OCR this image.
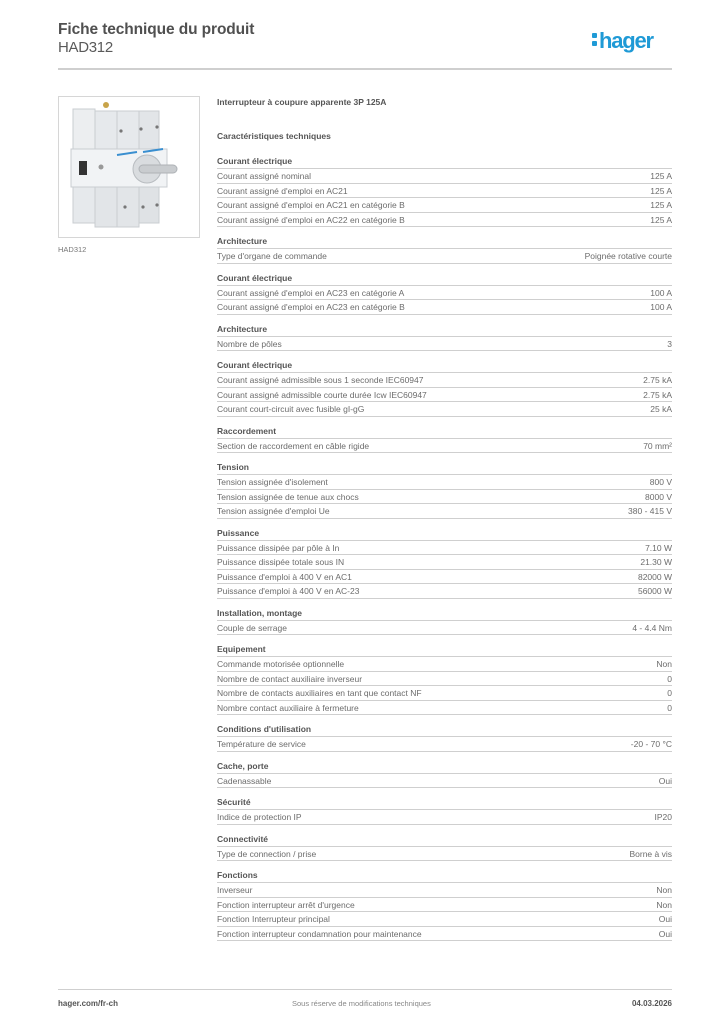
Fiche technique du produit
HAD312	hager
HAD312
Interrupteur à coupure apparente 3P 125A
Caractéristiques techniques
Courant électrique
Courant assigné nominal	125 A
Courant assigné d'emploi en AC21	125 A
Courant assigné d'emploi en AC21 en catégorie B	125 A
Courant assigné d'emploi en AC22 en catégorie B	125 A
Architecture
Type d'organe de commande	Poignée rotative courte
Courant électrique
Courant assigné d'emploi en AC23 en catégorie A	100 A
Courant assigné d'emploi en AC23 en catégorie B	100 A
Architecture
Nombre de pôles	3
Courant électrique
Courant assigné admissible sous 1 seconde IEC60947	2.75 kA
Courant assigné admissible courte durée Icw IEC60947	2.75 kA
Courant court-circuit avec fusible gI-gG	25 kA
Raccordement
Section de raccordement en câble rigide	70 mm²
Tension
Tension assignée d'isolement	800 V
Tension assignée de tenue aux chocs	8000 V
Tension assignée d'emploi Ue	380 - 415 V
Puissance
Puissance dissipée par pôle à In	7.10 W
Puissance dissipée totale sous IN	21.30 W
Puissance d'emploi à 400 V en AC1	82000 W
Puissance d'emploi à 400 V en AC-23	56000 W
Installation, montage
Couple de serrage	4 - 4.4 Nm
Equipement
Commande motorisée optionnelle	Non
Nombre de contact auxiliaire inverseur	0
Nombre de contacts auxiliaires en tant que contact NF	0
Nombre contact auxiliaire à fermeture	0
Conditions d'utilisation
Température de service	-20 - 70 °C
Cache, porte
Cadenassable	Oui
Sécurité
Indice de protection IP	IP20
Connectivité
Type de connection / prise	Borne à vis
Fonctions
Inverseur	Non
Fonction interrupteur arrêt d'urgence	Non
Fonction Interrupteur principal	Oui
Fonction interrupteur condamnation pour maintenance	Oui
hager.com/fr-ch	Sous réserve de modifications techniques	04.03.2026
